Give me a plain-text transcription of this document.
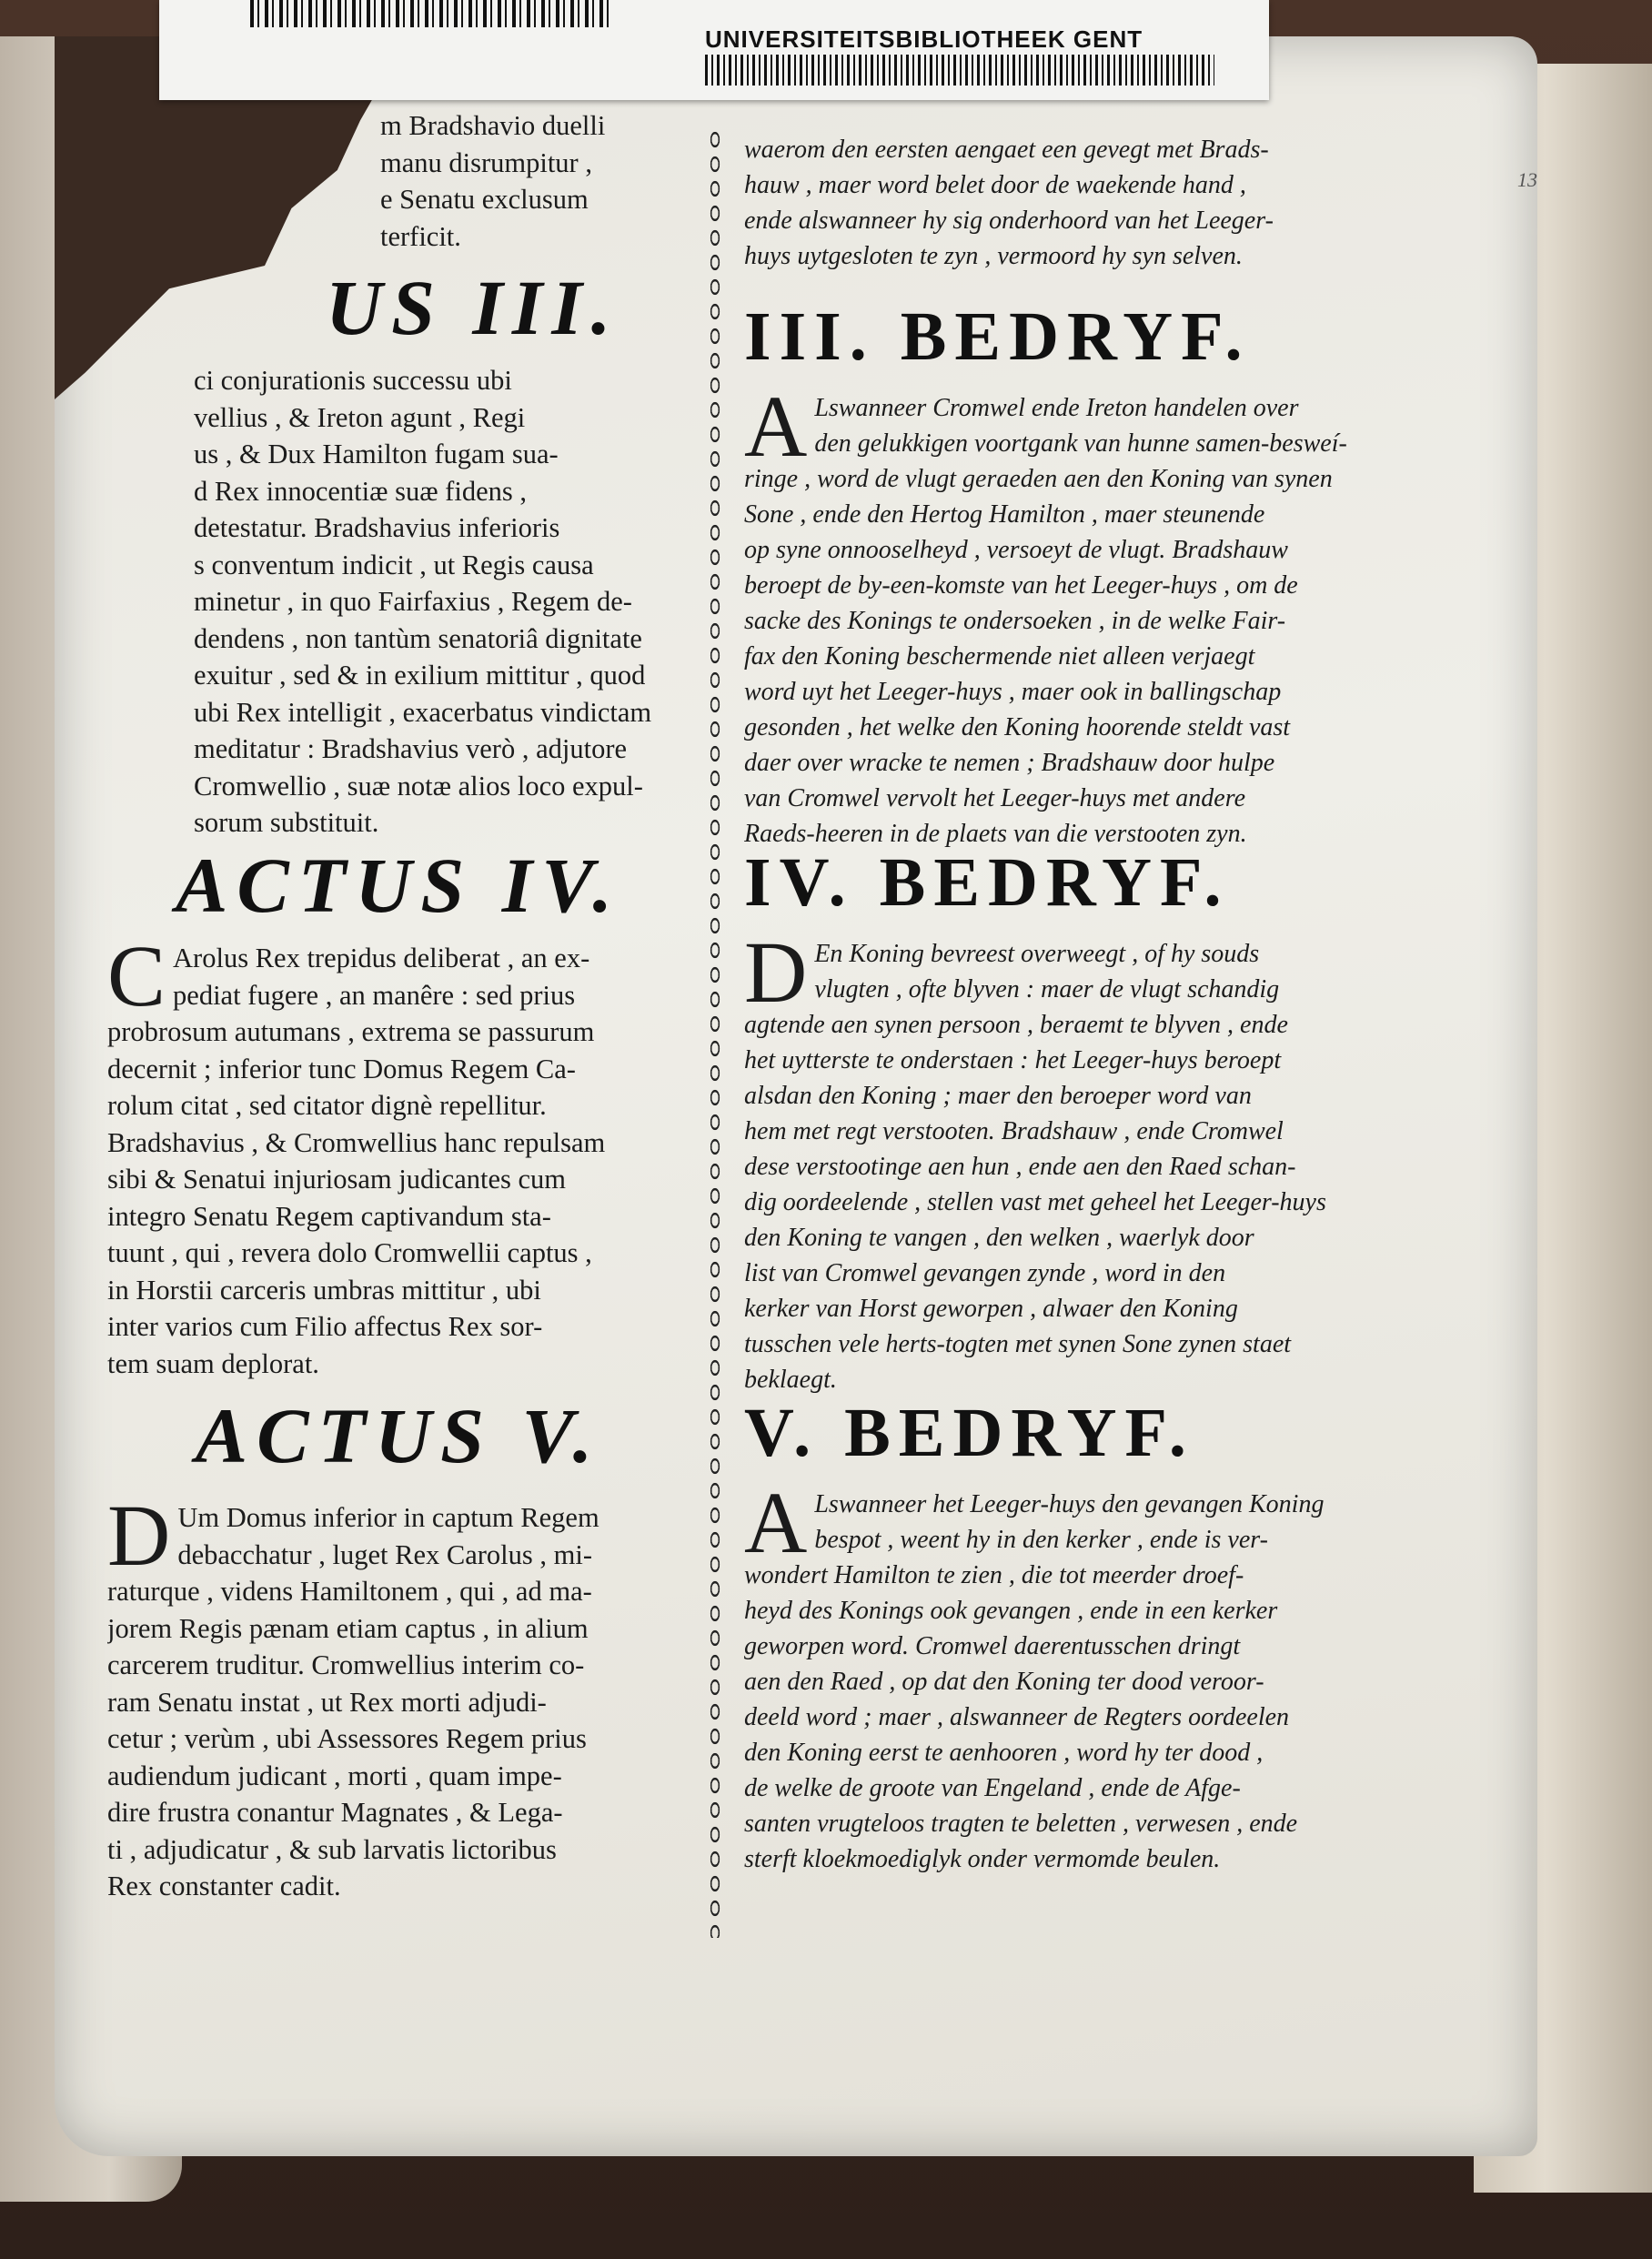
UNIVERSITEITSBIBLIOTHEEK GENT
13
m Bradshavio duelli
manu disrumpitur ,
e Senatu exclusum
terficit.
US III.
ci conjurationis successu ubi
vellius , & Ireton agunt , Regi
us , & Dux Hamilton fugam sua-
d Rex innocentiæ suæ fidens ,
detestatur. Bradshavius inferioris
s conventum indicit , ut Regis causa
minetur , in quo Fairfaxius , Regem de-
dendens , non tantùm senatoriâ dignitate
exuitur , sed & in exilium mittitur , quod
ubi Rex intelligit , exacerbatus vindictam
meditatur : Bradshavius verò , adjutore
Cromwellio , suæ notæ alios loco expul-
sorum substituit.
ACTUS IV.
C Arolus Rex trepidus deliberat , an ex-
pediat fugere , an manêre : sed prius
probrosum autumans , extrema se passurum
decernit ; inferior tunc Domus Regem Ca-
rolum citat , sed citator dignè repellitur.
Bradshavius , & Cromwellius hanc repulsam
sibi & Senatui injuriosam judicantes cum
integro Senatu Regem captivandum sta-
tuunt , qui , revera dolo Cromwellii captus ,
in Horstii carceris umbras mittitur , ubi
inter varios cum Filio affectus Rex sor-
tem suam deplorat.
ACTUS V.
D Um Domus inferior in captum Regem
debacchatur , luget Rex Carolus , mi-
raturque , videns Hamiltonem , qui , ad ma-
jorem Regis pænam etiam captus , in alium
carcerem truditur. Cromwellius interim co-
ram Senatu instat , ut Rex morti adjudi-
cetur ; verùm , ubi Assessores Regem prius
audiendum judicant , morti , quam impe-
dire frustra conantur Magnates , & Lega-
ti , adjudicatur , & sub larvatis lictoribus
Rex constanter cadit.
waerom den eersten aengaet een gevegt met Brads-
hauw , maer word belet door de waekende hand ,
ende alswanneer hy sig onderhoord van het Leeger-
huys uytgesloten te zyn , vermoord hy syn selven.
III. BEDRYF.
A Lswanneer Cromwel ende Ireton handelen over
den gelukkigen voortgank van hunne samen-besweí-
ringe , word de vlugt geraeden aen den Koning van synen
Sone , ende den Hertog Hamilton , maer steunende
op syne onnooselheyd , versoeyt de vlugt. Bradshauw
beroept de by-een-komste van het Leeger-huys , om de
sacke des Konings te ondersoeken , in de welke Fair-
fax den Koning beschermende niet alleen verjaegt
word uyt het Leeger-huys , maer ook in ballingschap
gesonden , het welke den Koning hoorende steldt vast
daer over wracke te nemen ; Bradshauw door hulpe
van Cromwel vervolt het Leeger-huys met andere
Raeds-heeren in de plaets van die verstooten zyn.
IV. BEDRYF.
D En Koning bevreest overweegt , of hy souds
vlugten , ofte blyven : maer de vlugt schandig
agtende aen synen persoon , beraemt te blyven , ende
het uytterste te onderstaen : het Leeger-huys beroept
alsdan den Koning ; maer den beroeper word van
hem met regt verstooten. Bradshauw , ende Cromwel
dese verstootinge aen hun , ende aen den Raed schan-
dig oordeelende , stellen vast met geheel het Leeger-huys
den Koning te vangen , den welken , waerlyk door
list van Cromwel gevangen zynde , word in den
kerker van Horst geworpen , alwaer den Koning
tusschen vele herts-togten met synen Sone zynen staet
beklaegt.
V. BEDRYF.
A Lswanneer het Leeger-huys den gevangen Koning
bespot , weent hy in den kerker , ende is ver-
wondert Hamilton te zien , die tot meerder droef-
heyd des Konings ook gevangen , ende in een kerker
geworpen word. Cromwel daerentusschen dringt
aen den Raed , op dat den Koning ter dood veroor-
deeld word ; maer , alswanneer de Regters oordeelen
den Koning eerst te aenhooren , word hy ter dood ,
de welke de groote van Engeland , ende de Afge-
santen vrugteloos tragten te beletten , verwesen , ende
sterft kloekmoediglyk onder vermomde beulen.
